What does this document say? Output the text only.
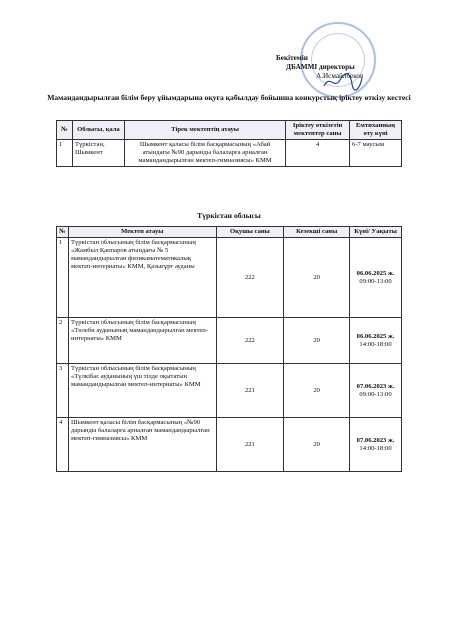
Бекітемін
ДБАММІ директоры
А.Исмайлбеков
Мамандандырылған білім беру ұйымдарына оқуға қабылдау бойынша конкурстық іріктеу өткізу кестесі
№	Облысы, қала	Тірек мектептің атауы	Іріктеу өткізетін мектептер саны	Емтиханның өту күні
1	Түркістан, Шымкент	Шымкент қаласы білім басқармасының «Абай атындағы №90 дарынды балаларға арналған мамандандырылған мектеп-гимназиясы» КММ	4	6-7 маусым
Түркістан облысы
№	Мектеп атауы	Оқушы саны	Кезекші саны	Күні/ Уақыты
1	Түркістан облысының білім басқармасының «Жамбыл Қаппаров атындағы № 5 мамандандырылған физикаматематикалық мектеп-интернаты» КММ, Қазығұрт ауданы	222	20	06.06.2025 ж.
09:00-13:00

2	Түркістан облысының білім басқармасының «Төлеби ауданының мамандандырылған мектеп-интернаты» КММ	222	20	06.06.2025 ж.
14:00-18:00

3	Түркістан облысының білім басқармасының «Түлкібас ауданының үш тілде оқытатын мамандандырылған мектеп-интернаты» КММ	221	20	07.06.2023 ж.
09:00-13:00

4	Шымкент қаласы білім басқармасының «№90 дарынды балаларға арналған мамандандырылған мектеп-гимназиясы» КММ	221	20	07.06.2023 ж.
14:00-18:00
